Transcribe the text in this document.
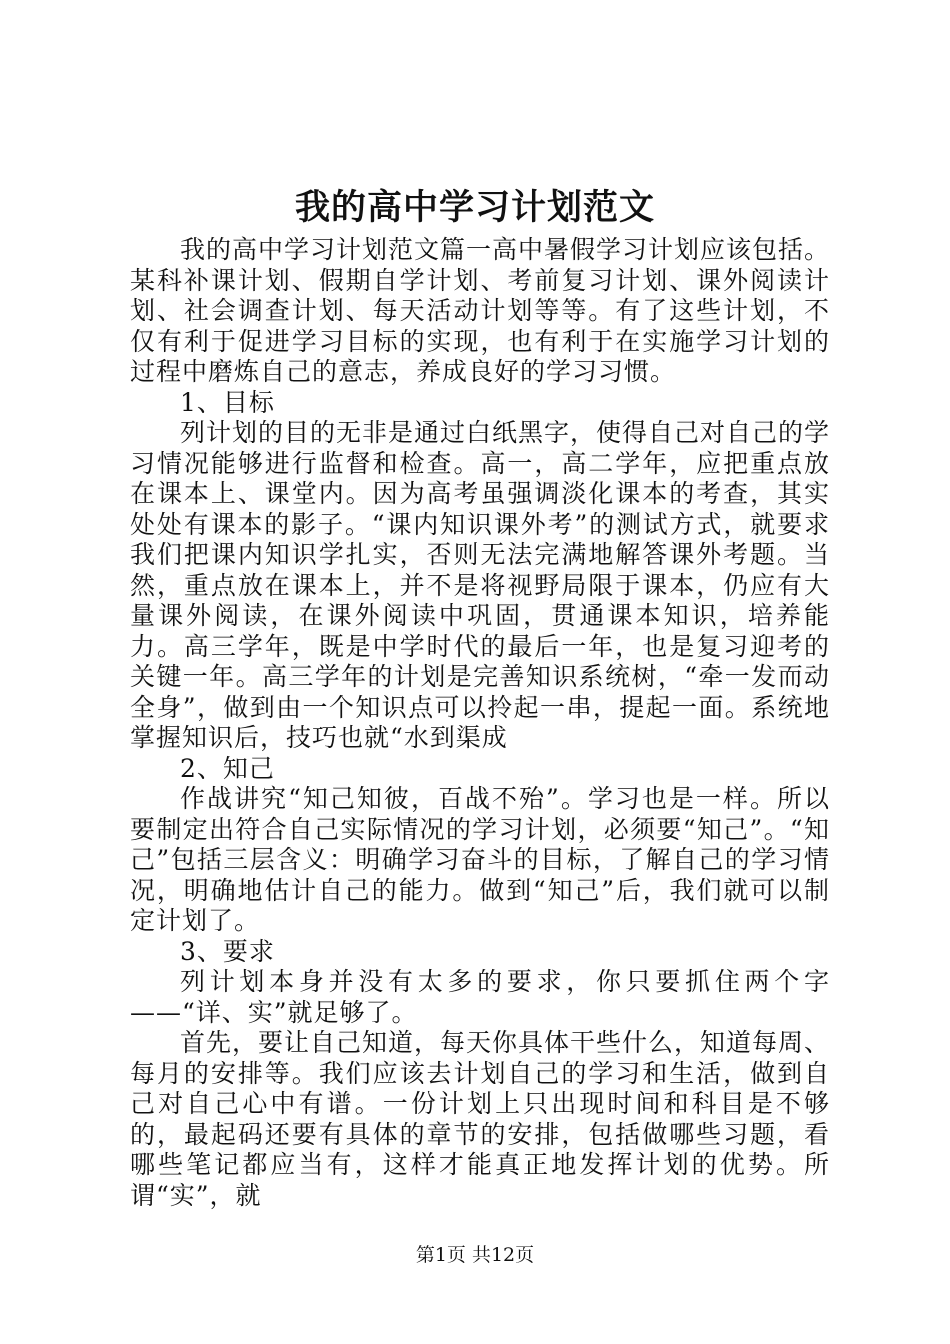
我的高中学习计划范文

我的高中学习计划范文篇一高中暑假学习计划应该包括。某科补课计划、假期自学计划、考前复习计划、课外阅读计划、社会调查计划、每天活动计划等等。有了这些计划，不仅有利于促进学习目标的实现，也有利于在实施学习计划的过程中磨炼自己的意志，养成良好的学习习惯。

1、目标

列计划的目的无非是通过白纸黑字，使得自己对自己的学习情况能够进行监督和检查。高一，高二学年，应把重点放在课本上、课堂内。因为高考虽强调淡化课本的考查，其实处处有课本的影子。“课内知识课外考”的测试方式，就要求我们把课内知识学扎实，否则无法完满地解答课外考题。当然，重点放在课本上，并不是将视野局限于课本，仍应有大量课外阅读，在课外阅读中巩固，贯通课本知识，培养能力。高三学年，既是中学时代的最后一年，也是复习迎考的关键一年。高三学年的计划是完善知识系统树，“牵一发而动全身”，做到由一个知识点可以拎起一串，提起一面。系统地掌握知识后，技巧也就“水到渠成

2、知己

作战讲究“知己知彼，百战不殆”。学习也是一样。所以要制定出符合自己实际情况的学习计划，必须要“知己”。“知己”包括三层含义：明确学习奋斗的目标，了解自己的学习情况，明确地估计自己的能力。做到“知己”后，我们就可以制定计划了。

3、要求

列计划本身并没有太多的要求，你只要抓住两个字——“详、实”就足够了。

首先，要让自己知道，每天你具体干些什么，知道每周、每月的安排等。我们应该去计划自己的学习和生活，做到自己对自己心中有谱。一份计划上只出现时间和科目是不够的，最起码还要有具体的章节的安排，包括做哪些习题，看哪些笔记都应当有，这样才能真正地发挥计划的优势。所谓“实”，就

第1页 共12页
